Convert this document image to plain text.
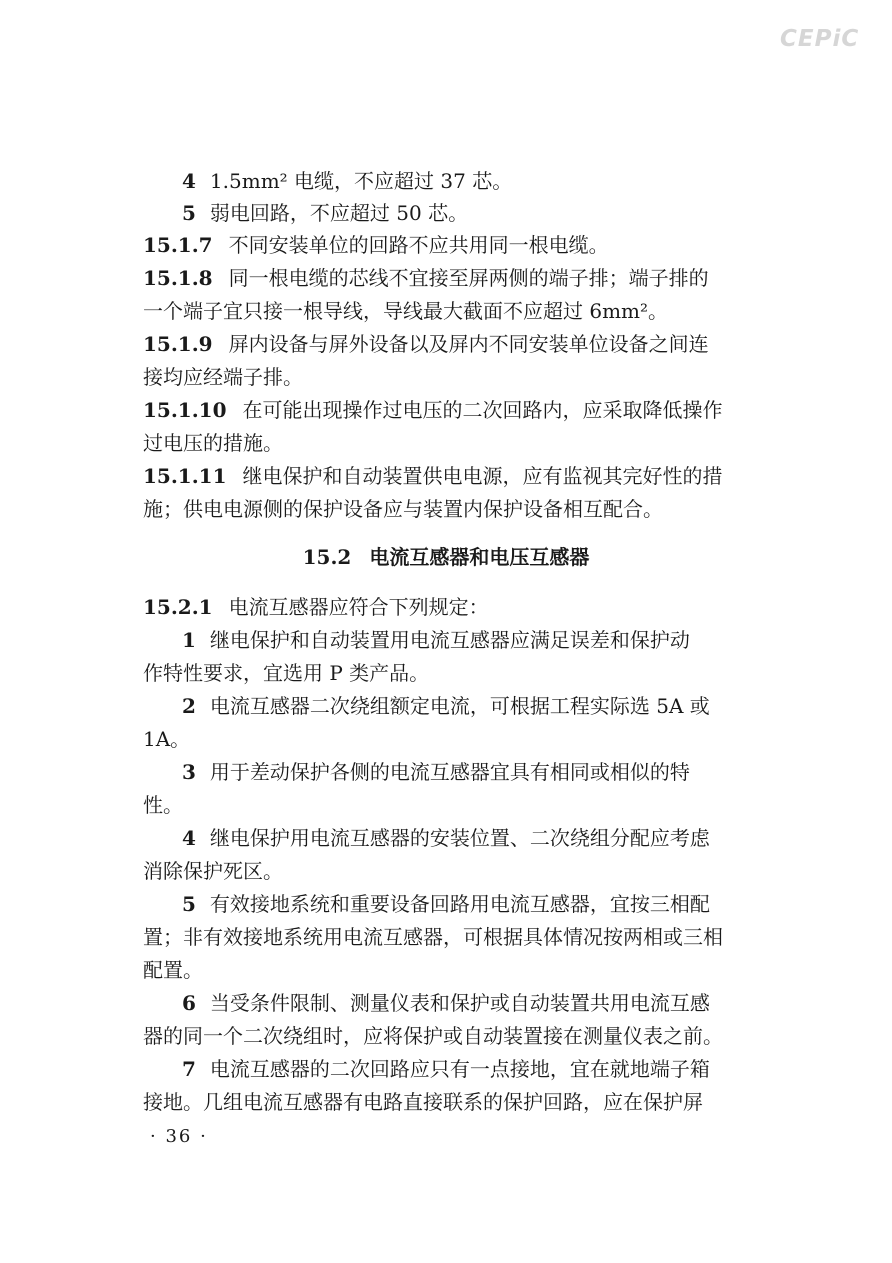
CEPiC
4 1.5mm² 电缆，不应超过 37 芯。
5 弱电回路，不应超过 50 芯。
15.1.7 不同安装单位的回路不应共用同一根电缆。
15.1.8 同一根电缆的芯线不宜接至屏两侧的端子排；端子排的
一个端子宜只接一根导线，导线最大截面不应超过 6mm²。
15.1.9 屏内设备与屏外设备以及屏内不同安装单位设备之间连
接均应经端子排。
15.1.10 在可能出现操作过电压的二次回路内，应采取降低操作
过电压的措施。
15.1.11 继电保护和自动装置供电电源，应有监视其完好性的措
施；供电电源侧的保护设备应与装置内保护设备相互配合。
15.2 电流互感器和电压互感器
15.2.1 电流互感器应符合下列规定：
1 继电保护和自动装置用电流互感器应满足误差和保护动
作特性要求，宜选用 P 类产品。
2 电流互感器二次绕组额定电流，可根据工程实际选 5A 或
1A。
3 用于差动保护各侧的电流互感器宜具有相同或相似的特
性。
4 继电保护用电流互感器的安装位置、二次绕组分配应考虑
消除保护死区。
5 有效接地系统和重要设备回路用电流互感器，宜按三相配
置；非有效接地系统用电流互感器，可根据具体情况按两相或三相
配置。
6 当受条件限制、测量仪表和保护或自动装置共用电流互感
器的同一个二次绕组时，应将保护或自动装置接在测量仪表之前。
7 电流互感器的二次回路应只有一点接地，宜在就地端子箱
接地。几组电流互感器有电路直接联系的保护回路，应在保护屏
· 36 ·
